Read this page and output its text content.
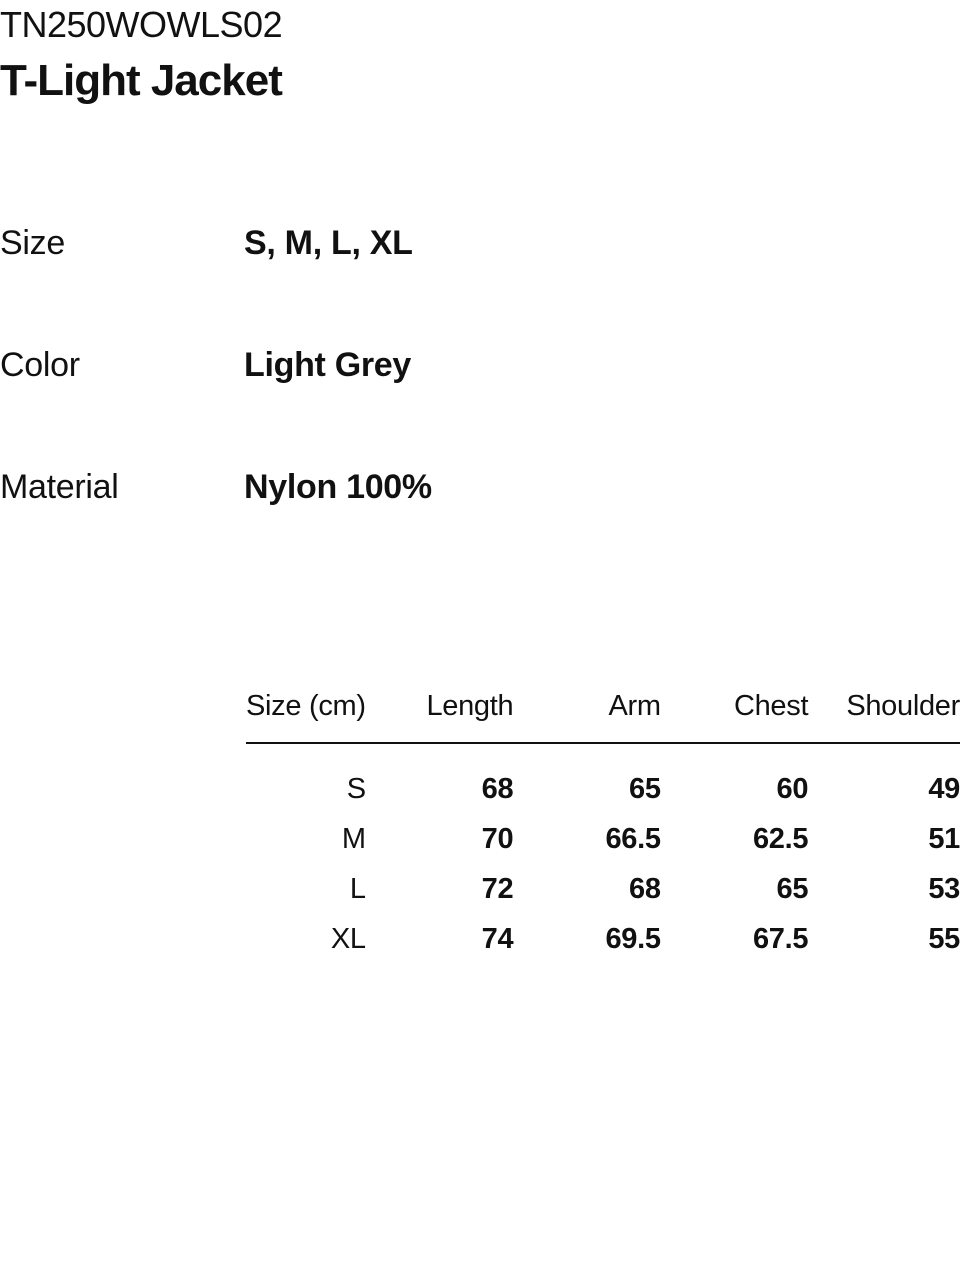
TN250WOWLS02
T-Light Jacket
Size	S, M, L, XL
Color	Light Grey
Material	Nylon 100%
Size (cm)	Length	Arm	Chest	Shoulder
S	68	65	60	49
M	70	66.5	62.5	51
L	72	68	65	53
XL	74	69.5	67.5	55
